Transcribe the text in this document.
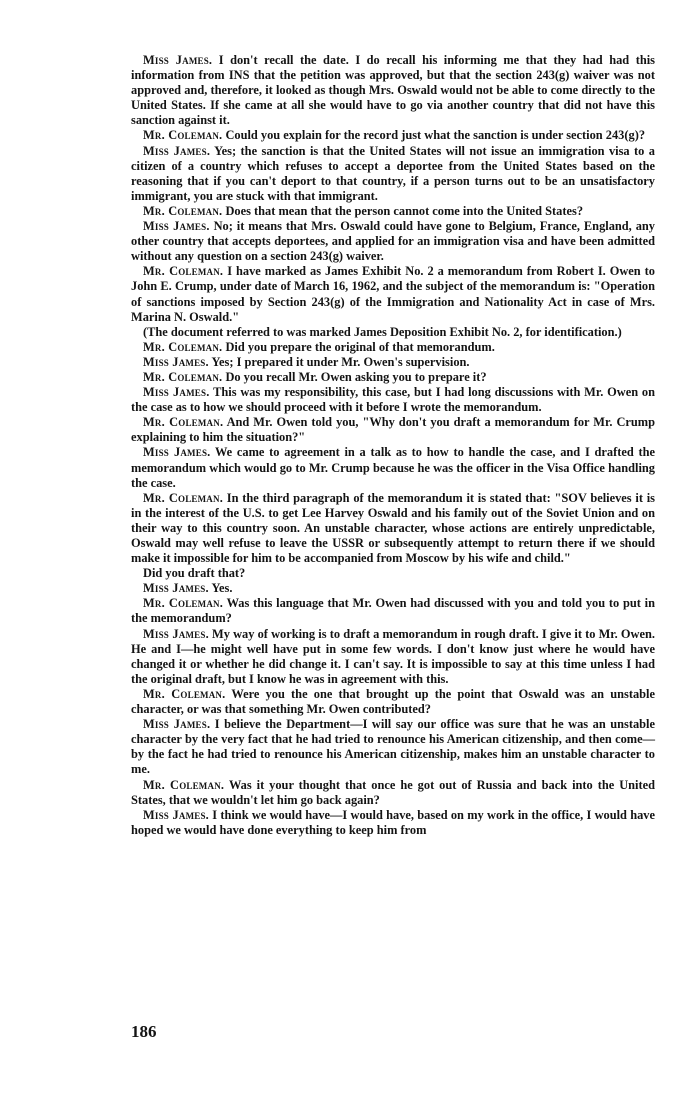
Miss James. I don't recall the date. I do recall his informing me that they had had this information from INS that the petition was approved, but that the section 243(g) waiver was not approved and, therefore, it looked as though Mrs. Oswald would not be able to come directly to the United States. If she came at all she would have to go via another country that did not have this sanction against it.

Mr. Coleman. Could you explain for the record just what the sanction is under section 243(g)?

Miss James. Yes; the sanction is that the United States will not issue an immigration visa to a citizen of a country which refuses to accept a deportee from the United States based on the reasoning that if you can't deport to that country, if a person turns out to be an unsatisfactory immigrant, you are stuck with that immigrant.

Mr. Coleman. Does that mean that the person cannot come into the United States?

Miss James. No; it means that Mrs. Oswald could have gone to Belgium, France, England, any other country that accepts deportees, and applied for an immigration visa and have been admitted without any question on a section 243(g) waiver.

Mr. Coleman. I have marked as James Exhibit No. 2 a memorandum from Robert I. Owen to John E. Crump, under date of March 16, 1962, and the subject of the memorandum is: "Operation of sanctions imposed by Section 243(g) of the Immigration and Nationality Act in case of Mrs. Marina N. Oswald."

(The document referred to was marked James Deposition Exhibit No. 2, for identification.)

Mr. Coleman. Did you prepare the original of that memorandum.

Miss James. Yes; I prepared it under Mr. Owen's supervision.

Mr. Coleman. Do you recall Mr. Owen asking you to prepare it?

Miss James. This was my responsibility, this case, but I had long discussions with Mr. Owen on the case as to how we should proceed with it before I wrote the memorandum.

Mr. Coleman. And Mr. Owen told you, "Why don't you draft a memorandum for Mr. Crump explaining to him the situation?"

Miss James. We came to agreement in a talk as to how to handle the case, and I drafted the memorandum which would go to Mr. Crump because he was the officer in the Visa Office handling the case.

Mr. Coleman. In the third paragraph of the memorandum it is stated that: "SOV believes it is in the interest of the U.S. to get Lee Harvey Oswald and his family out of the Soviet Union and on their way to this country soon. An unstable character, whose actions are entirely unpredictable, Oswald may well refuse to leave the USSR or subsequently attempt to return there if we should make it impossible for him to be accompanied from Moscow by his wife and child."

Did you draft that?

Miss James. Yes.

Mr. Coleman. Was this language that Mr. Owen had discussed with you and told you to put in the memorandum?

Miss James. My way of working is to draft a memorandum in rough draft. I give it to Mr. Owen. He and I—he might well have put in some few words. I don't know just where he would have changed it or whether he did change it. I can't say. It is impossible to say at this time unless I had the original draft, but I know he was in agreement with this.

Mr. Coleman. Were you the one that brought up the point that Oswald was an unstable character, or was that something Mr. Owen contributed?

Miss James. I believe the Department—I will say our office was sure that he was an unstable character by the very fact that he had tried to renounce his American citizenship, and then come—by the fact he had tried to renounce his American citizenship, makes him an unstable character to me.

Mr. Coleman. Was it your thought that once he got out of Russia and back into the United States, that we wouldn't let him go back again?

Miss James. I think we would have—I would have, based on my work in the office, I would have hoped we would have done everything to keep him from

186
